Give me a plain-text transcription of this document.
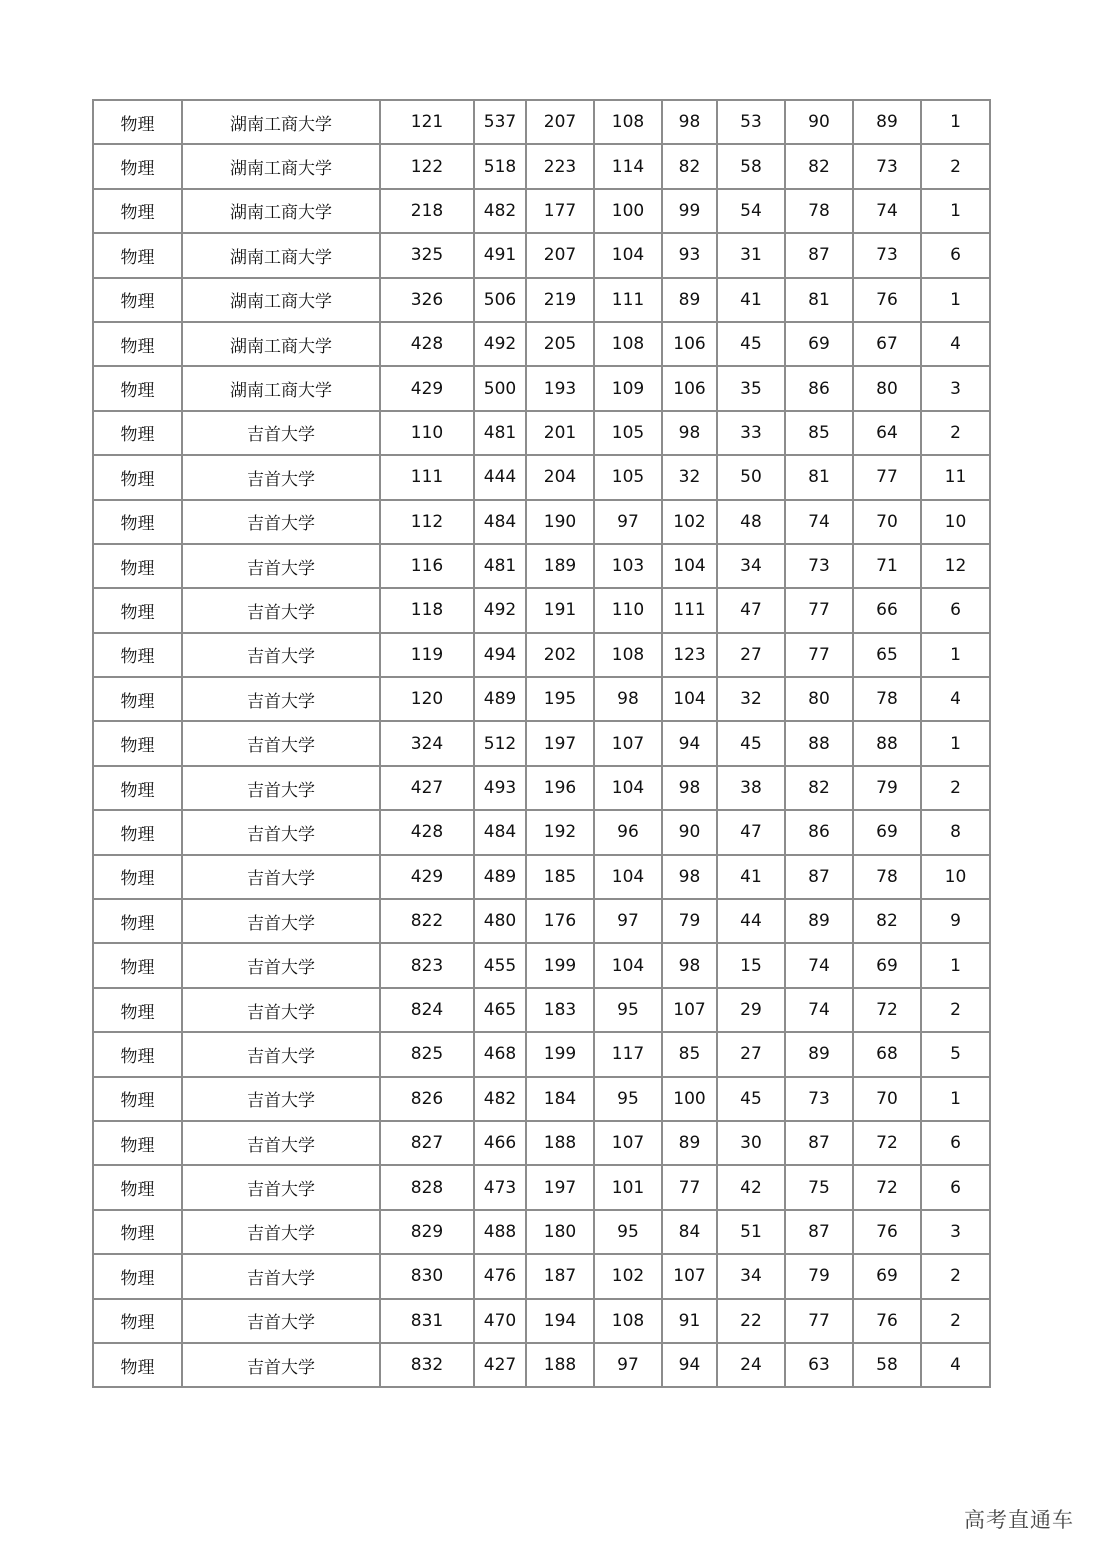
物理	湖南工商大学	121	537	207	108	98	53	90	89	1
物理	湖南工商大学	122	518	223	114	82	58	82	73	2
物理	湖南工商大学	218	482	177	100	99	54	78	74	1
物理	湖南工商大学	325	491	207	104	93	31	87	73	6
物理	湖南工商大学	326	506	219	111	89	41	81	76	1
物理	湖南工商大学	428	492	205	108	106	45	69	67	4
物理	湖南工商大学	429	500	193	109	106	35	86	80	3
物理	吉首大学	110	481	201	105	98	33	85	64	2
物理	吉首大学	111	444	204	105	32	50	81	77	11
物理	吉首大学	112	484	190	97	102	48	74	70	10
物理	吉首大学	116	481	189	103	104	34	73	71	12
物理	吉首大学	118	492	191	110	111	47	77	66	6
物理	吉首大学	119	494	202	108	123	27	77	65	1
物理	吉首大学	120	489	195	98	104	32	80	78	4
物理	吉首大学	324	512	197	107	94	45	88	88	1
物理	吉首大学	427	493	196	104	98	38	82	79	2
物理	吉首大学	428	484	192	96	90	47	86	69	8
物理	吉首大学	429	489	185	104	98	41	87	78	10
物理	吉首大学	822	480	176	97	79	44	89	82	9
物理	吉首大学	823	455	199	104	98	15	74	69	1
物理	吉首大学	824	465	183	95	107	29	74	72	2
物理	吉首大学	825	468	199	117	85	27	89	68	5
物理	吉首大学	826	482	184	95	100	45	73	70	1
物理	吉首大学	827	466	188	107	89	30	87	72	6
物理	吉首大学	828	473	197	101	77	42	75	72	6
物理	吉首大学	829	488	180	95	84	51	87	76	3
物理	吉首大学	830	476	187	102	107	34	79	69	2
物理	吉首大学	831	470	194	108	91	22	77	76	2
物理	吉首大学	832	427	188	97	94	24	63	58	4
高考直通车
